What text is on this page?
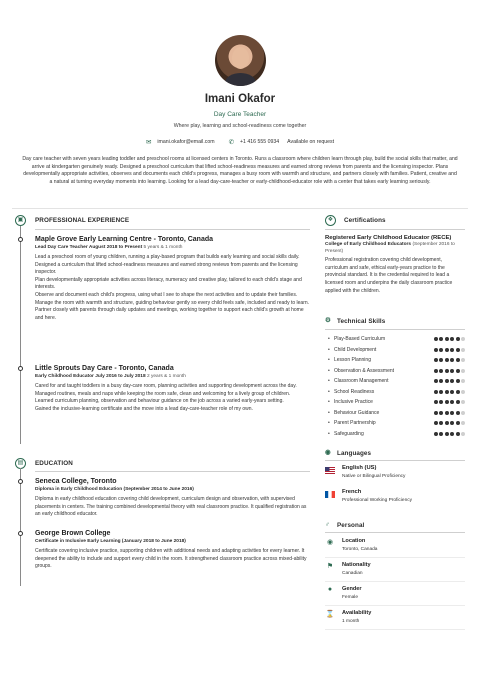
Imani Okafor
Day Care Teacher
Where play, learning and school-readiness come together
✉ imani.okafor@email.com ✆ +1 416 555 0934 Available on request
Day care teacher with seven years leading toddler and preschool rooms at licensed centers in Toronto. Runs a classroom where children learn through play, build the social skills that matter, and arrive at kindergarten genuinely ready. Designed a preschool curriculum that lifted school-readiness measures and earned strong reviews from parents and the licensing inspector. Plans developmentally appropriate activities, observes and documents each child's progress, manages a busy room with warmth and structure, and partners closely with families. Patient, creative and a natural at turning everyday moments into learning. Looking for a lead day-care-teacher or early-childhood-educator role with a center that takes early learning seriously.
▣	PROFESSIONAL EXPERIENCE
Maple Grove Early Learning Centre - Toronto, Canada
Lead Day Care Teacher August 2018 to Present 5 years & 1 month
Lead a preschool room of young children, running a play-based program that builds early learning and social skills daily.
Designed a curriculum that lifted school-readiness measures and earned strong reviews from parents and the licensing inspector.
Plan developmentally appropriate activities across literacy, numeracy and creative play, tailored to each child's stage and interests.
Observe and document each child's progress, using what I see to shape the next activities and to update their families.
Manage the room with warmth and structure, guiding behaviour gently so every child feels safe, included and ready to learn.
Partner closely with parents through daily updates and meetings, working together to support each child's growth at home and here.
Little Sprouts Day Care - Toronto, Canada
Early Childhood Educator July 2016 to July 2018 2 years & 1 month
Cared for and taught toddlers in a busy day-care room, planning activities and supporting development across the day.
Managed routines, meals and naps while keeping the room safe, clean and welcoming for a lively group of children.
Learned curriculum planning, observation and behaviour guidance on the job across a varied early-years setting.
Gained the inclusive-learning certificate and the move into a lead day-care-teacher role of my own.
▤	EDUCATION
Seneca College, Toronto
Diploma in Early Childhood Education (September 2014 to June 2016)
Diploma in early childhood education covering child development, curriculum design and observation, with supervised placements in centers. The training combined developmental theory with real classroom practice. It qualified registration as an early childhood educator.
George Brown College
Certificate in Inclusive Early Learning (January 2018 to June 2018)
Certificate covering inclusive practice, supporting children with additional needs and adapting activities for every learner. It deepened the ability to include and support every child in the room. It strengthened classroom practice across mixed-ability groups.
❖	Certifications
Registered Early Childhood Educator (RECE)
College of Early Childhood Educators (September 2016 to Present)
Professional registration covering child development, curriculum and safe, ethical early-years practice to the provincial standard. It is the credential required to lead a licensed room and underpins the daily classroom practice applied with the children.
⚙ Technical Skills
• Play-Based Curriculum
• Child Development
• Lesson Planning
• Observation & Assessment
• Classroom Management
• School Readiness
• Inclusive Practice
• Behaviour Guidance
• Parent Partnership
• Safeguarding
◉ Languages
English (US)
Native or Bilingual Proficiency
French
Professional Working Proficiency
♂ Personal
◉	Location
Toronto, Canada
⚑	Nationality
Canadian
●	Gender
Female
⌛ Availability
1 month
